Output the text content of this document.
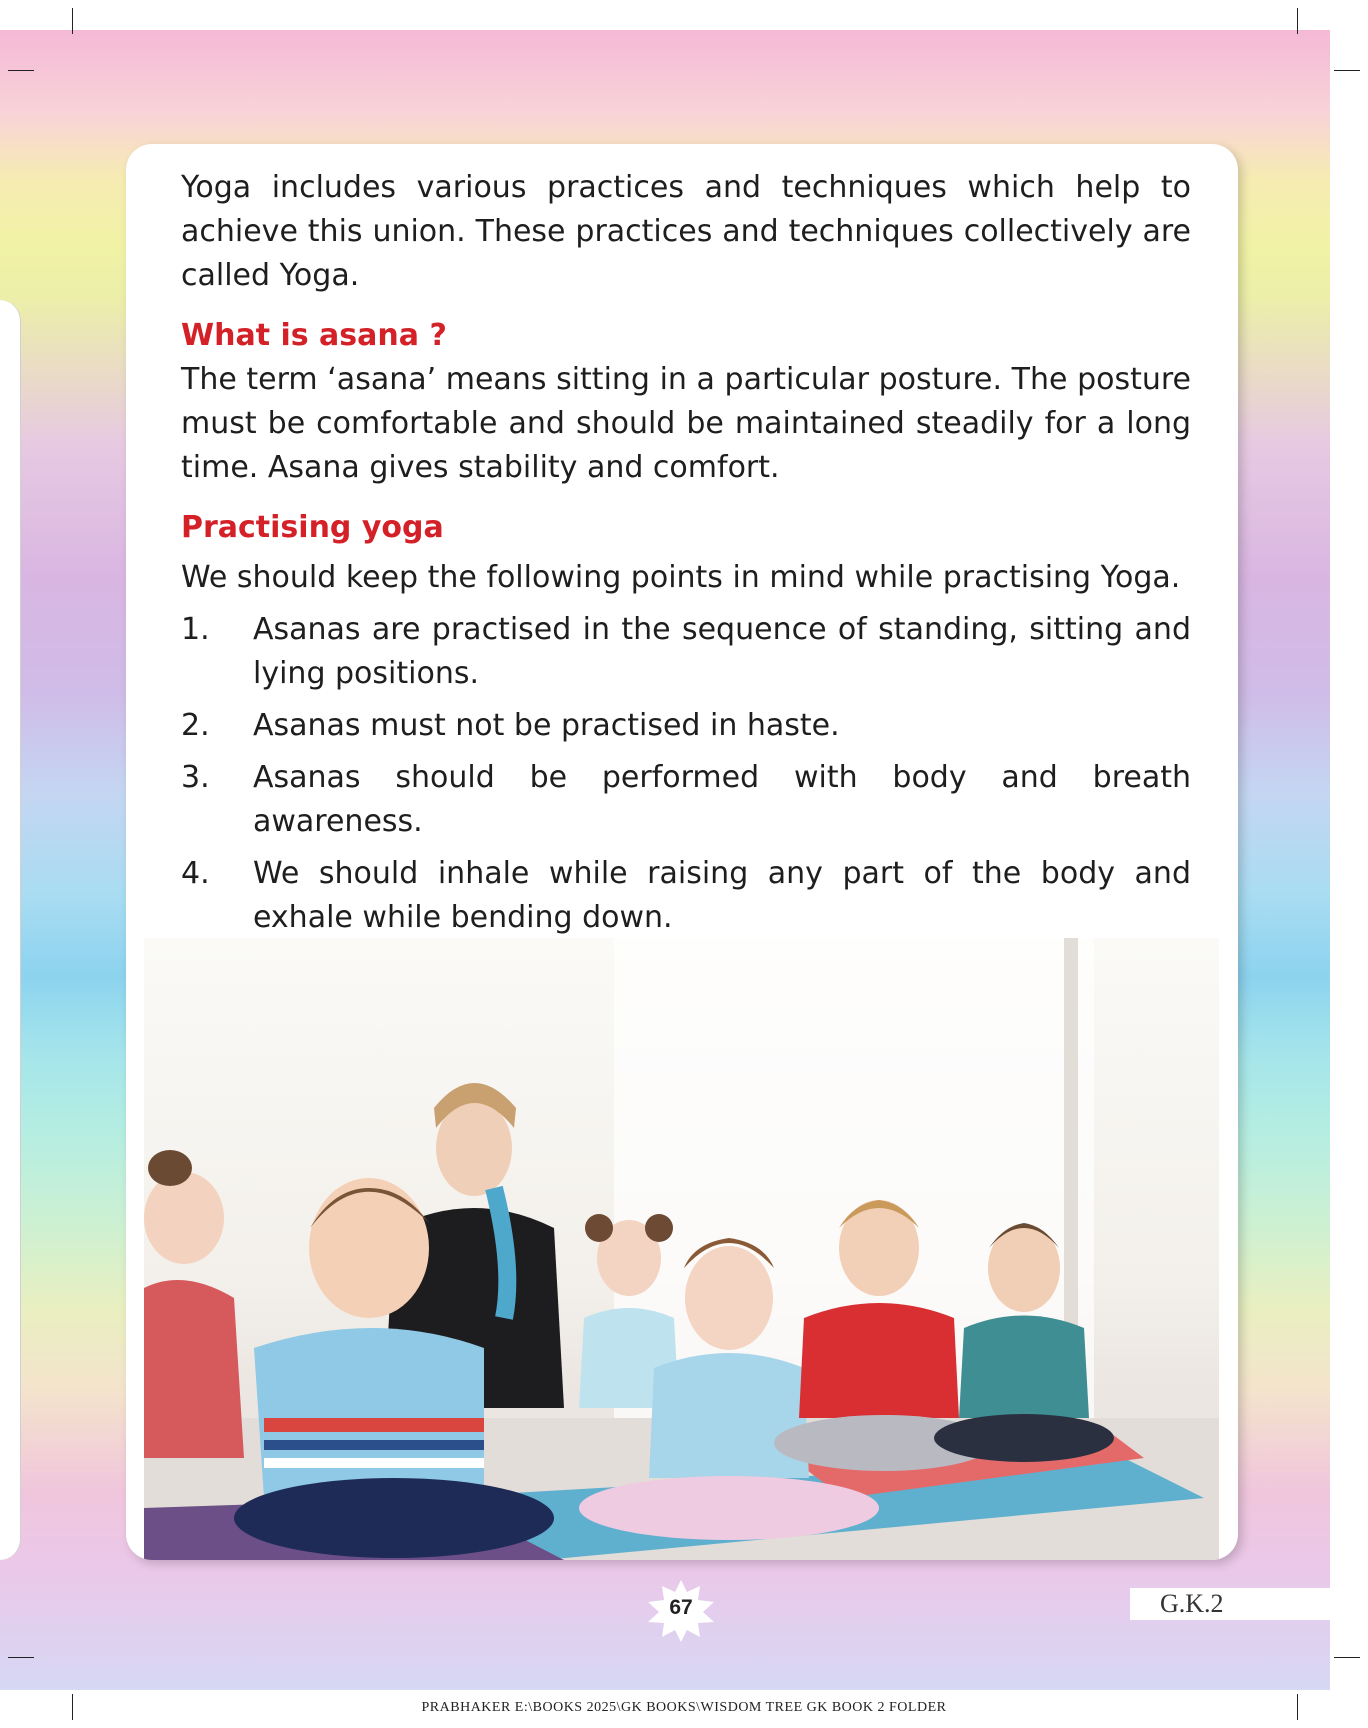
Yoga includes various practices and techniques which help to achieve this union. These practices and techniques collectively are called Yoga.

What is asana ?

The term ‘asana’ means sitting in a particular posture. The posture must be comfortable and should be maintained steadily for a long time. Asana gives stability and comfort.

Practising yoga

We should keep the following points in mind while practising Yoga.

1. Asanas are practised in the sequence of standing, sitting and lying positions.
2. Asanas must not be practised in haste.
3. Asanas should be performed with body and breath awareness.
4. We should inhale while raising any part of the body and exhale while bending down.
67	G.K.2
PRABHAKER E:\BOOKS 2025\GK BOOKS\WISDOM TREE GK BOOK 2 FOLDER
